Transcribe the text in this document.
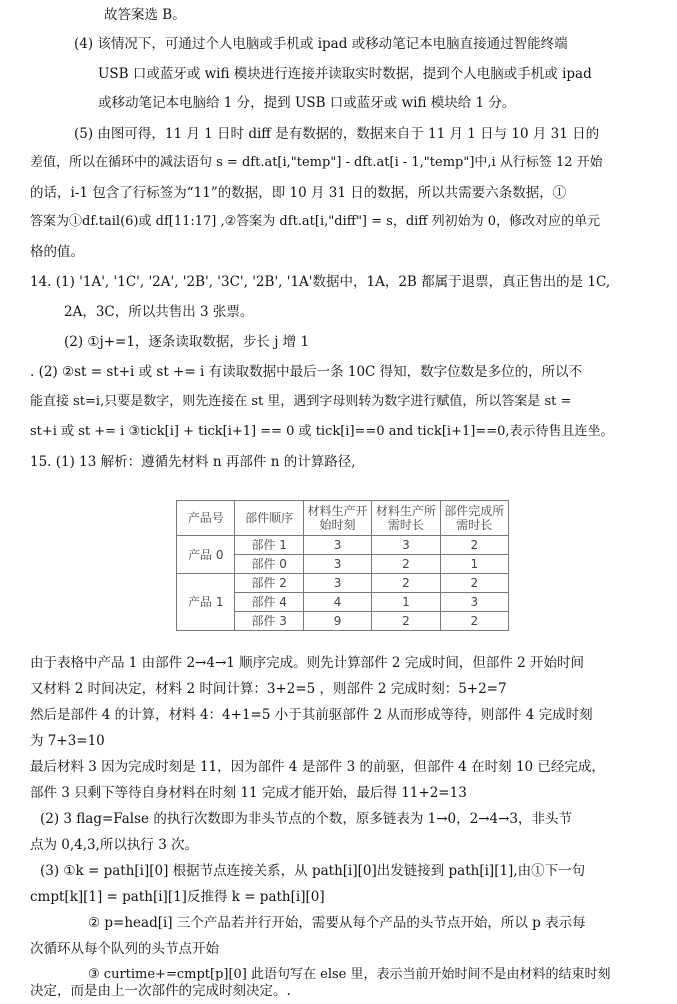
故答案选 B。
(4) 该情况下，可通过个人电脑或手机或 ipad 或移动笔记本电脑直接通过智能终端
USB 口或蓝牙或 wifi 模块进行连接并读取实时数据，提到个人电脑或手机或 ipad
或移动笔记本电脑给 1 分，提到 USB 口或蓝牙或 wifi 模块给 1 分。
(5) 由图可得，11 月 1 日时 diff 是有数据的，数据来自于 11 月 1 日与 10 月 31 日的
差值，所以在循环中的减法语句 s = dft.at[i,"temp"] - dft.at[i - 1,"temp"]中,i 从行标签 12 开始
的话，i-1 包含了行标签为“11”的数据，即 10 月 31 日的数据，所以共需要六条数据，①
答案为①df.tail(6)或 df[11:17] ,②答案为 dft.at[i,"diff"] = s，diff 列初始为 0，修改对应的单元
格的值。
14. (1) '1A', '1C', '2A', '2B', '3C', '2B', '1A'数据中，1A，2B 都属于退票，真正售出的是 1C,
2A，3C，所以共售出 3 张票。
(2) ①j+=1，逐条读取数据，步长 j 增 1
. (2) ②st = st+i 或 st += i 有读取数据中最后一条 10C 得知，数字位数是多位的，所以不
能直接 st=i,只要是数字，则先连接在 st 里，遇到字母则转为数字进行赋值，所以答案是 st =
st+i 或 st += i ③tick[i] + tick[i+1] == 0 或 tick[i]==0 and tick[i+1]==0,表示待售且连坐。
15. (1) 13 解析：遵循先材料 n 再部件 n 的计算路径,
产品号	部件顺序	材料生产开始时刻	材料生产所需时长	部件完成所需时长
产品 0	部件 1	3	3	2
	部件 0	3	2	1
产品 1	部件 2	3	2	2
	部件 4	4	1	3
	部件 3	9	2	2
由于表格中产品 1 由部件 2→4→1 顺序完成。则先计算部件 2 完成时间，但部件 2 开始时间
又材料 2 时间决定，材料 2 时间计算：3+2=5 ，则部件 2 完成时刻：5+2=7
然后是部件 4 的计算，材料 4：4+1=5 小于其前驱部件 2 从而形成等待，则部件 4 完成时刻
为 7+3=10
最后材料 3 因为完成时刻是 11，因为部件 4 是部件 3 的前驱，但部件 4 在时刻 10 已经完成，
部件 3 只剩下等待自身材料在时刻 11 完成才能开始，最后得 11+2=13
(2) 3 flag=False 的执行次数即为非头节点的个数，原多链表为 1→0，2→4→3，非头节
点为 0,4,3,所以执行 3 次。
(3) ①k = path[i][0] 根据节点连接关系，从 path[i][0]出发链接到 path[i][1],由①下一句
cmpt[k][1] = path[i][1]反推得 k = path[i][0]
② p=head[i] 三个产品若并行开始，需要从每个产品的头节点开始，所以 p 表示每
次循环从每个队列的头节点开始
③ curtime+=cmpt[p][0] 此语句写在 else 里，表示当前开始时间不是由材料的结束时刻
决定，而是由上一次部件的完成时刻决定。.
